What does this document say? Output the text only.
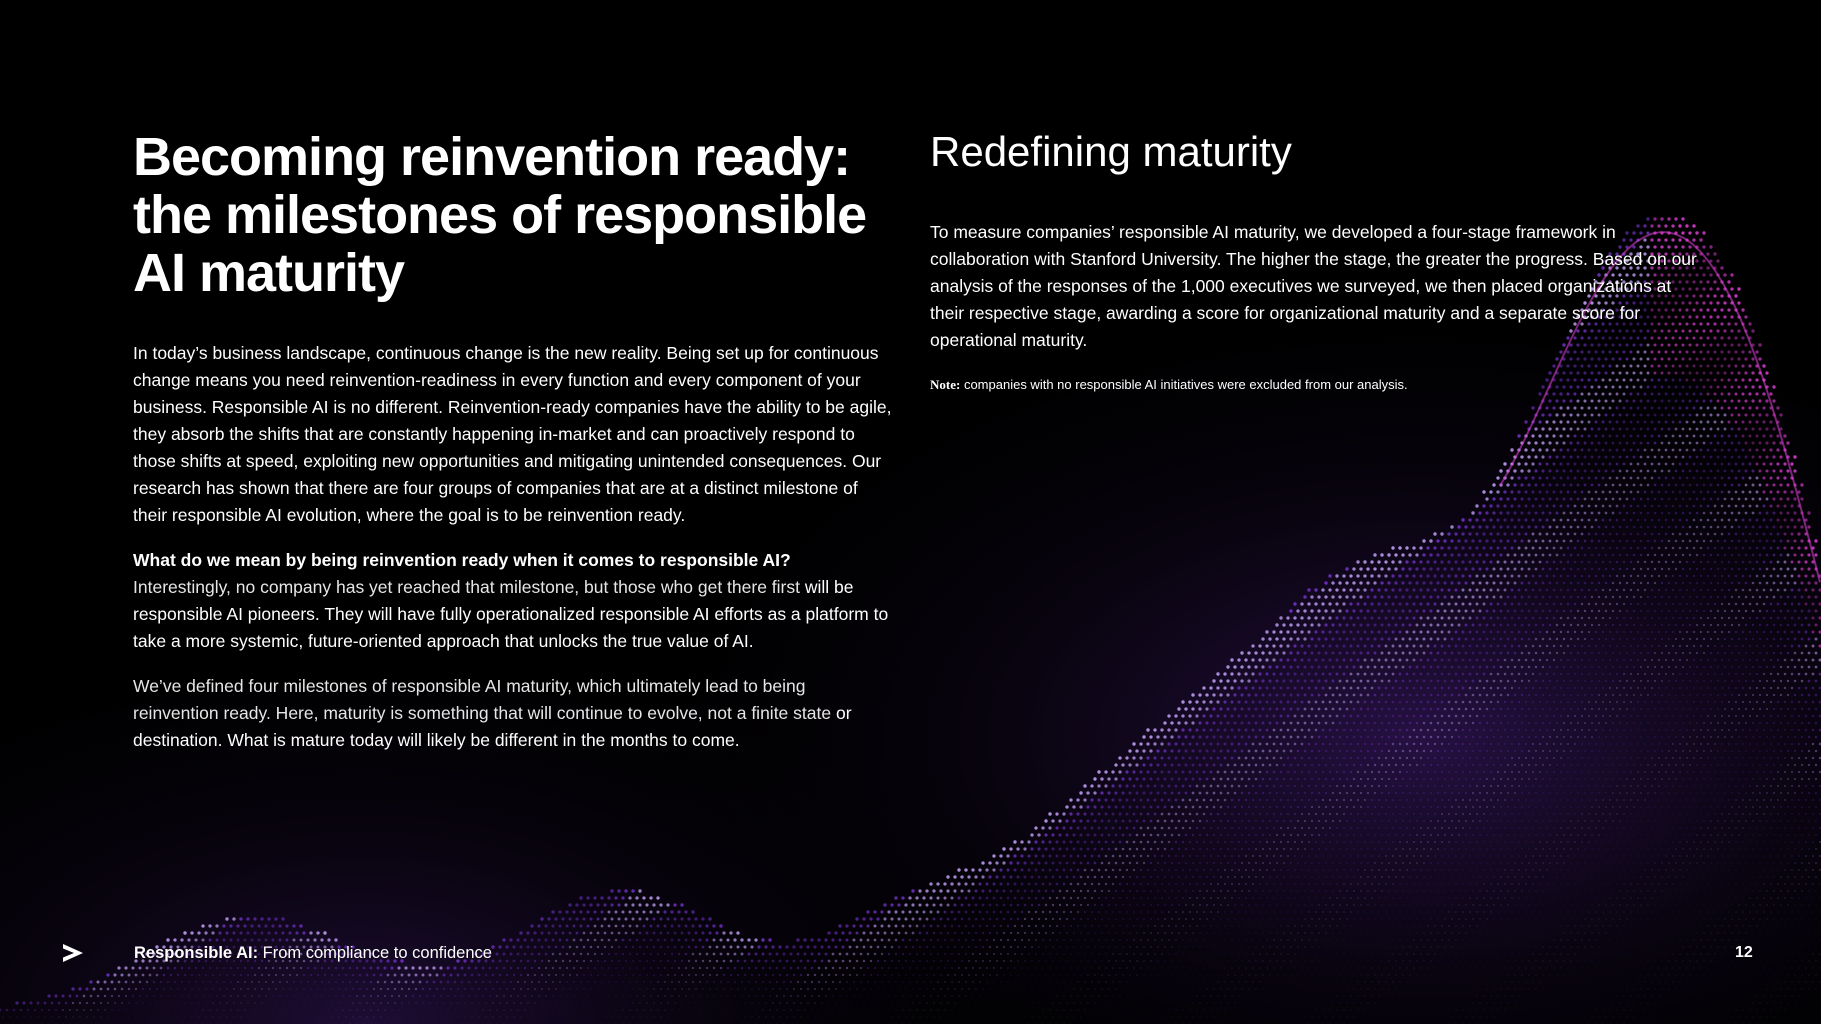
Becoming reinvention ready:
the milestones of responsible
AI maturity

In today’s business landscape, continuous change is the new reality. Being set up for continuous change means you need reinvention-readiness in every function and every component of your business. Responsible AI is no different. Reinvention-ready companies have the ability to be agile, they absorb the shifts that are constantly happening in-market and can proactively respond to those shifts at speed, exploiting new opportunities and mitigating unintended consequences. Our research has shown that there are four groups of companies that are at a distinct milestone of their responsible AI evolution, where the goal is to be reinvention ready.

What do we mean by being reinvention ready when it comes to responsible AI?
Interestingly, no company has yet reached that milestone, but those who get there first will be responsible AI pioneers. They will have fully operationalized responsible AI efforts as a platform to take a more systemic, future-oriented approach that unlocks the true value of AI.

We’ve defined four milestones of responsible AI maturity, which ultimately lead to being reinvention ready. Here, maturity is something that will continue to evolve, not a finite state or destination. What is mature today will likely be different in the months to come.

Redefining maturity

To measure companies’ responsible AI maturity, we developed a four-stage framework in collaboration with Stanford University. The higher the stage, the greater the progress. Based on our analysis of the responses of the 1,000 executives we surveyed, we then placed organizations at their respective stage, awarding a score for organizational maturity and a separate score for operational maturity.

Note: companies with no responsible AI initiatives were excluded from our analysis.

Responsible AI: From compliance to confidence	12
